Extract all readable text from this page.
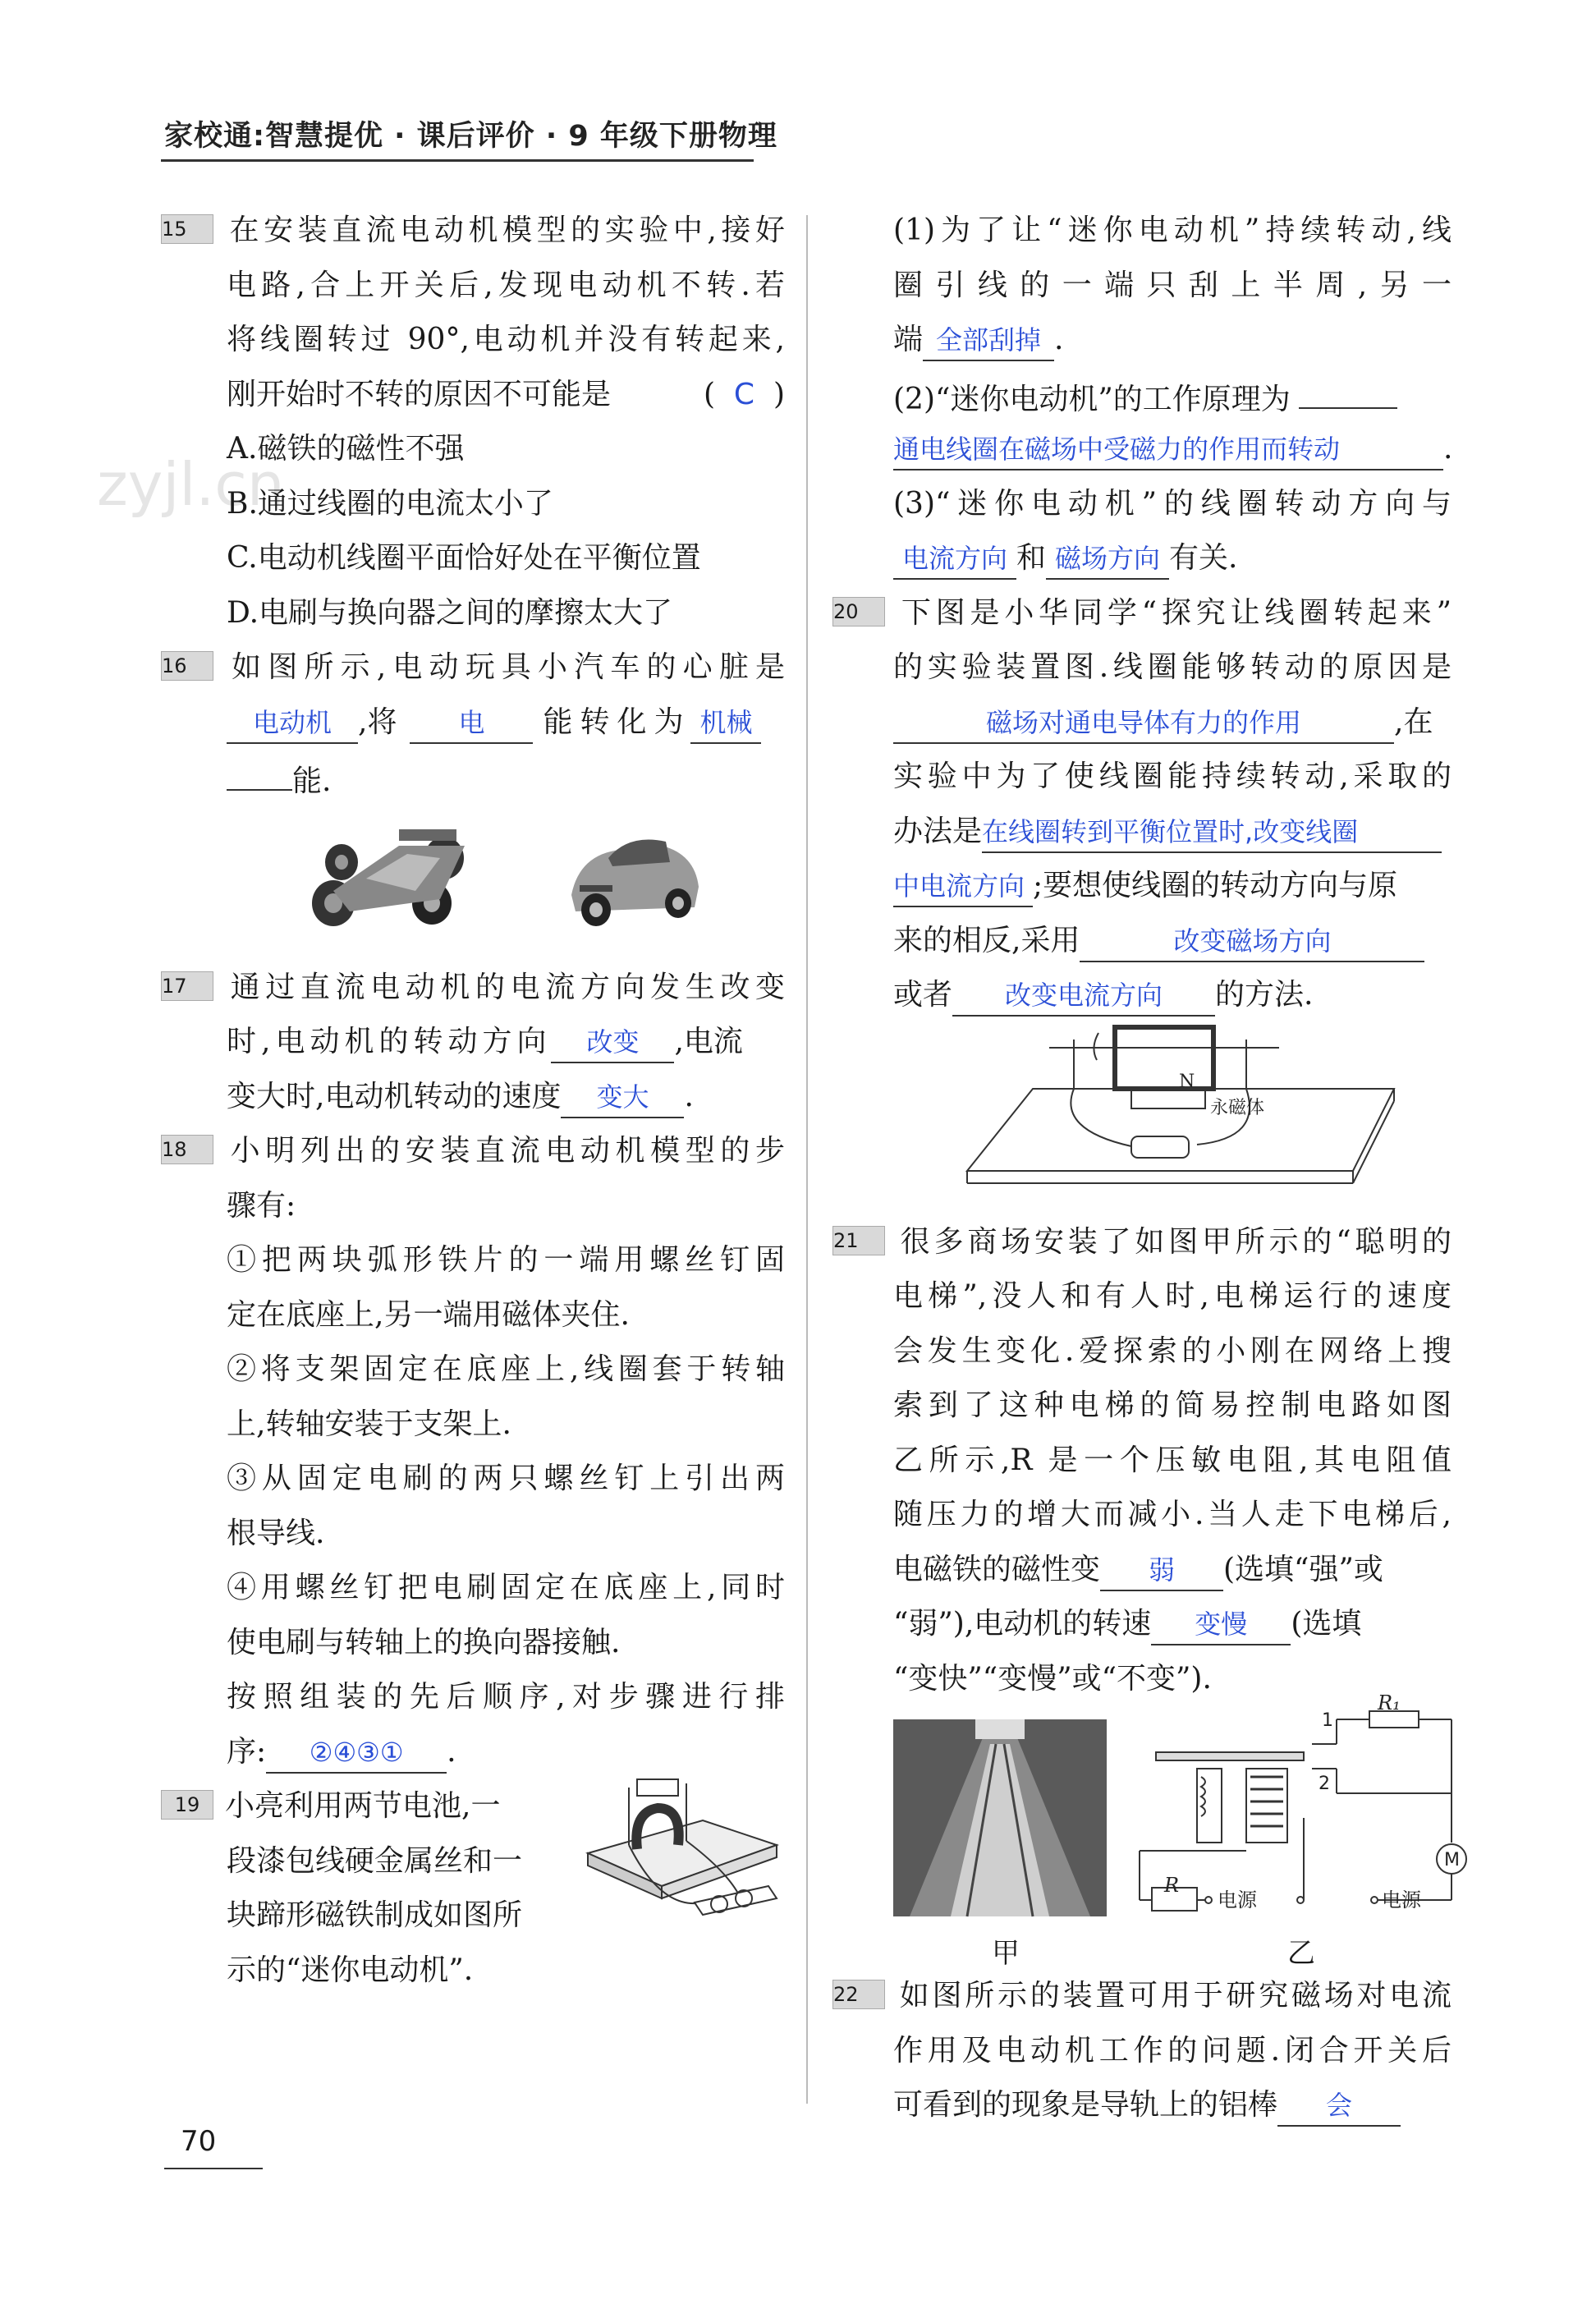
家校通:智慧提优 · 课后评价 · 9 年级下册物理
zyjl.cn
15 在安装直流电动机模型的实验中,接好
电路,合上开关后,发现电动机不转.若
将线圈转过 90°,电动机并没有转起来,
刚开始时不转的原因不可能是	(  C  )
A.磁铁的磁性不强
B.通过线圈的电流太小了
C.电动机线圈平面恰好处在平衡位置
D.电刷与换向器之间的摩擦太大了
16 如图所示,电动玩具小汽车的心脏是
电动机 ,将 电 能转化为 机械
能.
17 通过直流电动机的电流方向发生改变
时,电动机的转动方向 改变 ,电流
变大时,电动机转动的速度 变大 .
18 小明列出的安装直流电动机模型的步
骤有:
①把两块弧形铁片的一端用螺丝钉固
定在底座上,另一端用磁体夹住.
②将支架固定在底座上,线圈套于转轴
上,转轴安装于支架上.
③从固定电刷的两只螺丝钉上引出两
根导线.
④用螺丝钉把电刷固定在底座上,同时
使电刷与转轴上的换向器接触.
按照组装的先后顺序,对步骤进行排
序: ②④③① .
19 小亮利用两节电池,一
段漆包线硬金属丝和一
块蹄形磁铁制成如图所
示的“迷你电动机”.
(1)为了让“迷你电动机”持续转动,线
圈引线的一端只刮上半周,另一
端 全部刮掉 .
(2)“迷你电动机”的工作原理为
通电线圈在磁场中受磁力的作用而转动	.
(3)“迷你电动机”的线圈转动方向与
电流方向 和 磁场方向 有关.
20 下图是小华同学“探究让线圈转起来”
的实验装置图.线圈能够转动的原因是
磁场对通电导体有力的作用	,在
实验中为了使线圈能持续转动,采取的
办法是在线圈转到平衡位置时,改变线圈
中电流方向 ;要想使线圈的转动方向与原
来的相反,采用	改变磁场方向
或者 改变电流方向 的方法.
N
永磁体
21 很多商场安装了如图甲所示的“聪明的
电梯”,没人和有人时,电梯运行的速度
会发生变化.爱探索的小刚在网络上搜
索到了这种电梯的简易控制电路如图
乙所示,R 是一个压敏电阻,其电阻值
随压力的增大而减小.当人走下电梯后,
电磁铁的磁性变 弱 (选填“强”或
“弱”),电动机的转速 变慢 (选填
“变快”“变慢”或“不变”).
1
2
R₁
R
M
电源	电源
甲	乙
22 如图所示的装置可用于研究磁场对电流
作用及电动机工作的问题.闭合开关后
可看到的现象是导轨上的铝棒 会
70
